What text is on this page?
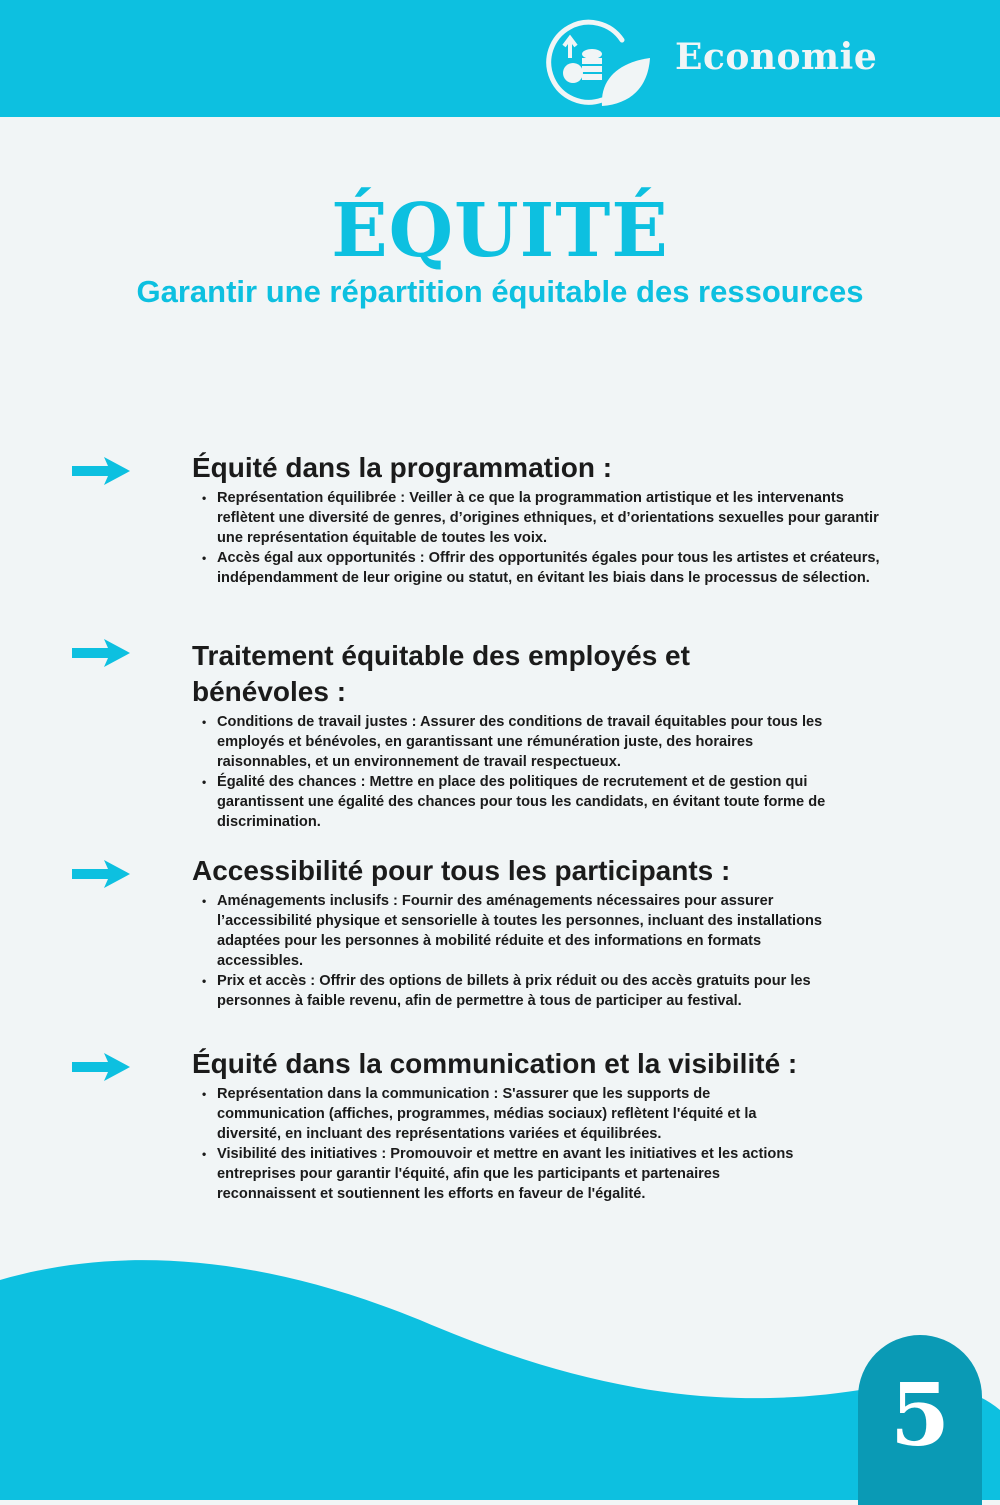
Economie
ÉQUITÉ
Garantir une répartition équitable des ressources
Équité dans la programmation :
• Représentation équilibrée : Veiller à ce que la programmation artistique et les intervenants reflètent une diversité de genres, d’origines ethniques, et d’orientations sexuelles pour garantir une représentation équitable de toutes les voix.
• Accès égal aux opportunités : Offrir des opportunités égales pour tous les artistes et créateurs, indépendamment de leur origine ou statut, en évitant les biais dans le processus de sélection.
Traitement équitable des employés et bénévoles :
• Conditions de travail justes : Assurer des conditions de travail équitables pour tous les employés et bénévoles, en garantissant une rémunération juste, des horaires raisonnables, et un environnement de travail respectueux.
• Égalité des chances : Mettre en place des politiques de recrutement et de gestion qui garantissent une égalité des chances pour tous les candidats, en évitant toute forme de discrimination.
Accessibilité pour tous les participants :
• Aménagements inclusifs : Fournir des aménagements nécessaires pour assurer l’accessibilité physique et sensorielle à toutes les personnes, incluant des installations adaptées pour les personnes à mobilité réduite et des informations en formats accessibles.
• Prix et accès : Offrir des options de billets à prix réduit ou des accès gratuits pour les personnes à faible revenu, afin de permettre à tous de participer au festival.
Équité dans la communication et la visibilité :
• Représentation dans la communication : S'assurer que les supports de communication (affiches, programmes, médias sociaux) reflètent l'équité et la diversité, en incluant des représentations variées et équilibrées.
• Visibilité des initiatives : Promouvoir et mettre en avant les initiatives et les actions entreprises pour garantir l'équité, afin que les participants et partenaires reconnaissent et soutiennent les efforts en faveur de l'égalité.
5
